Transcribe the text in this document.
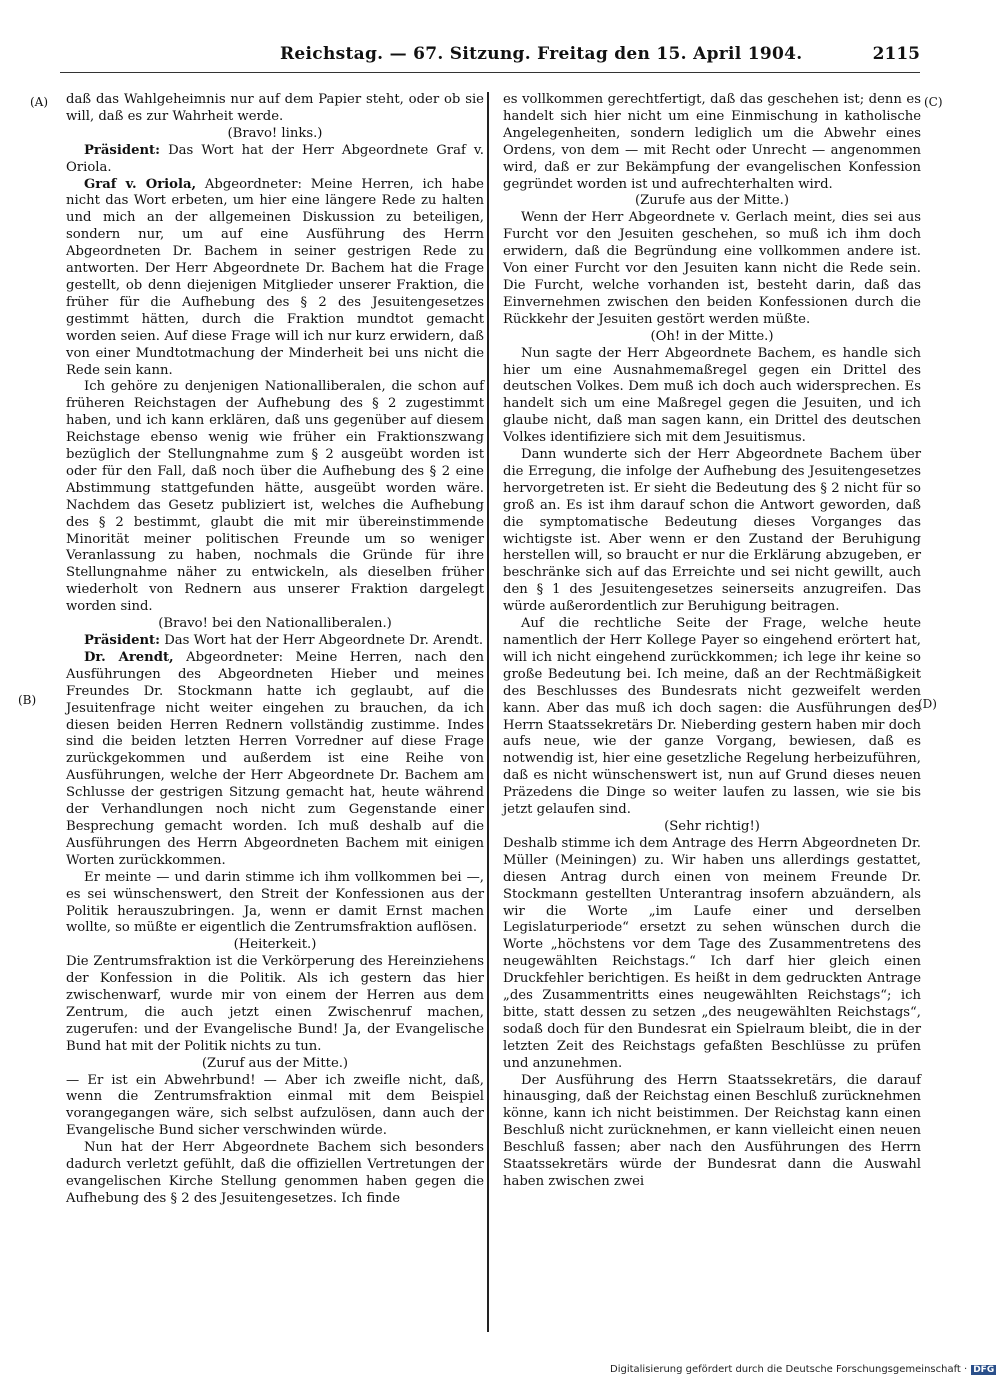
Reichstag. — 67. Sitzung. Freitag den 15. April 1904.	2115
(A)
(B)
(C)
(D)

daß das Wahlgeheimnis nur auf dem Papier steht, oder ob sie will, daß es zur Wahrheit werde.

(Bravo! links.)

Präsident: Das Wort hat der Herr Abgeordnete Graf v. Oriola.

Graf v. Oriola, Abgeordneter: Meine Herren, ich habe nicht das Wort erbeten, um hier eine längere Rede zu halten und mich an der allgemeinen Diskussion zu beteiligen, sondern nur, um auf eine Ausführung des Herrn Abgeordneten Dr. Bachem in seiner gestrigen Rede zu antworten. Der Herr Abgeordnete Dr. Bachem hat die Frage gestellt, ob denn diejenigen Mitglieder unserer Fraktion, die früher für die Aufhebung des § 2 des Jesuitengesetzes gestimmt hätten, durch die Fraktion mundtot gemacht worden seien. Auf diese Frage will ich nur kurz erwidern, daß von einer Mundtotmachung der Minderheit bei uns nicht die Rede sein kann.

Ich gehöre zu denjenigen Nationalliberalen, die schon auf früheren Reichstagen der Aufhebung des § 2 zugestimmt haben, und ich kann erklären, daß uns gegenüber auf diesem Reichstage ebenso wenig wie früher ein Fraktionszwang bezüglich der Stellungnahme zum § 2 ausgeübt worden ist oder für den Fall, daß noch über die Aufhebung des § 2 eine Abstimmung stattgefunden hätte, ausgeübt worden wäre. Nachdem das Gesetz publiziert ist, welches die Aufhebung des § 2 bestimmt, glaubt die mit mir übereinstimmende Minorität meiner politischen Freunde um so weniger Veranlassung zu haben, nochmals die Gründe für ihre Stellungnahme näher zu entwickeln, als dieselben früher wiederholt von Rednern aus unserer Fraktion dargelegt worden sind.

(Bravo! bei den Nationalliberalen.)

Präsident: Das Wort hat der Herr Abgeordnete Dr. Arendt.

Dr. Arendt, Abgeordneter: Meine Herren, nach den Ausführungen des Abgeordneten Hieber und meines Freundes Dr. Stockmann hatte ich geglaubt, auf die Jesuitenfrage nicht weiter eingehen zu brauchen, da ich diesen beiden Herren Rednern vollständig zustimme. Indes sind die beiden letzten Herren Vorredner auf diese Frage zurückgekommen und außerdem ist eine Reihe von Ausführungen, welche der Herr Abgeordnete Dr. Bachem am Schlusse der gestrigen Sitzung gemacht hat, heute während der Verhandlungen noch nicht zum Gegenstande einer Besprechung gemacht worden. Ich muß deshalb auf die Ausführungen des Herrn Abgeordneten Bachem mit einigen Worten zurückkommen.

Er meinte — und darin stimme ich ihm vollkommen bei —, es sei wünschenswert, den Streit der Konfessionen aus der Politik herauszubringen. Ja, wenn er damit Ernst machen wollte, so müßte er eigentlich die Zentrumsfraktion auflösen.

(Heiterkeit.)

Die Zentrumsfraktion ist die Verkörperung des Hereinziehens der Konfession in die Politik. Als ich gestern das hier zwischenwarf, wurde mir von einem der Herren aus dem Zentrum, die auch jetzt einen Zwischenruf machen, zugerufen: und der Evangelische Bund! Ja, der Evangelische Bund hat mit der Politik nichts zu tun.

(Zuruf aus der Mitte.)

— Er ist ein Abwehrbund! — Aber ich zweifle nicht, daß, wenn die Zentrumsfraktion einmal mit dem Beispiel vorangegangen wäre, sich selbst aufzulösen, dann auch der Evangelische Bund sicher verschwinden würde.

Nun hat der Herr Abgeordnete Bachem sich besonders dadurch verletzt gefühlt, daß die offiziellen Vertretungen der evangelischen Kirche Stellung genommen haben gegen die Aufhebung des § 2 des Jesuitengesetzes. Ich finde

es vollkommen gerechtfertigt, daß das geschehen ist; denn es handelt sich hier nicht um eine Einmischung in katholische Angelegenheiten, sondern lediglich um die Abwehr eines Ordens, von dem — mit Recht oder Unrecht — angenommen wird, daß er zur Bekämpfung der evangelischen Konfession gegründet worden ist und aufrechterhalten wird.

(Zurufe aus der Mitte.)

Wenn der Herr Abgeordnete v. Gerlach meint, dies sei aus Furcht vor den Jesuiten geschehen, so muß ich ihm doch erwidern, daß die Begründung eine vollkommen andere ist. Von einer Furcht vor den Jesuiten kann nicht die Rede sein. Die Furcht, welche vorhanden ist, besteht darin, daß das Einvernehmen zwischen den beiden Konfessionen durch die Rückkehr der Jesuiten gestört werden müßte.

(Oh! in der Mitte.)

Nun sagte der Herr Abgeordnete Bachem, es handle sich hier um eine Ausnahmemaßregel gegen ein Drittel des deutschen Volkes. Dem muß ich doch auch widersprechen. Es handelt sich um eine Maßregel gegen die Jesuiten, und ich glaube nicht, daß man sagen kann, ein Drittel des deutschen Volkes identifiziere sich mit dem Jesuitismus.

Dann wunderte sich der Herr Abgeordnete Bachem über die Erregung, die infolge der Aufhebung des Jesuitengesetzes hervorgetreten ist. Er sieht die Bedeutung des § 2 nicht für so groß an. Es ist ihm darauf schon die Antwort geworden, daß die symptomatische Bedeutung dieses Vorganges das wichtigste ist. Aber wenn er den Zustand der Beruhigung herstellen will, so braucht er nur die Erklärung abzugeben, er beschränke sich auf das Erreichte und sei nicht gewillt, auch den § 1 des Jesuitengesetzes seinerseits anzugreifen. Das würde außerordentlich zur Beruhigung beitragen.

Auf die rechtliche Seite der Frage, welche heute namentlich der Herr Kollege Payer so eingehend erörtert hat, will ich nicht eingehend zurückkommen; ich lege ihr keine so große Bedeutung bei. Ich meine, daß an der Rechtmäßigkeit des Beschlusses des Bundesrats nicht gezweifelt werden kann. Aber das muß ich doch sagen: die Ausführungen des Herrn Staatssekretärs Dr. Nieberding gestern haben mir doch aufs neue, wie der ganze Vorgang, bewiesen, daß es notwendig ist, hier eine gesetzliche Regelung herbeizuführen, daß es nicht wünschenswert ist, nun auf Grund dieses neuen Präzedens die Dinge so weiter laufen zu lassen, wie sie bis jetzt gelaufen sind.

(Sehr richtig!)

Deshalb stimme ich dem Antrage des Herrn Abgeordneten Dr. Müller (Meiningen) zu. Wir haben uns allerdings gestattet, diesen Antrag durch einen von meinem Freunde Dr. Stockmann gestellten Unterantrag insofern abzuändern, als wir die Worte „im Laufe einer und derselben Legislaturperiode“ ersetzt zu sehen wünschen durch die Worte „höchstens vor dem Tage des Zusammentretens des neugewählten Reichstags.“ Ich darf hier gleich einen Druckfehler berichtigen. Es heißt in dem gedruckten Antrage „des Zusammentritts eines neugewählten Reichstags“; ich bitte, statt dessen zu setzen „des neugewählten Reichstags“, sodaß doch für den Bundesrat ein Spielraum bleibt, die in der letzten Zeit des Reichstags gefaßten Beschlüsse zu prüfen und anzunehmen.

Der Ausführung des Herrn Staatssekretärs, die darauf hinausging, daß der Reichstag einen Beschluß zurücknehmen könne, kann ich nicht beistimmen. Der Reichstag kann einen Beschluß nicht zurücknehmen, er kann vielleicht einen neuen Beschluß fassen; aber nach den Ausführungen des Herrn Staatssekretärs würde der Bundesrat dann die Auswahl haben zwischen zwei

Digitalisierung gefördert durch die Deutsche Forschungsgemeinschaft · DFG
